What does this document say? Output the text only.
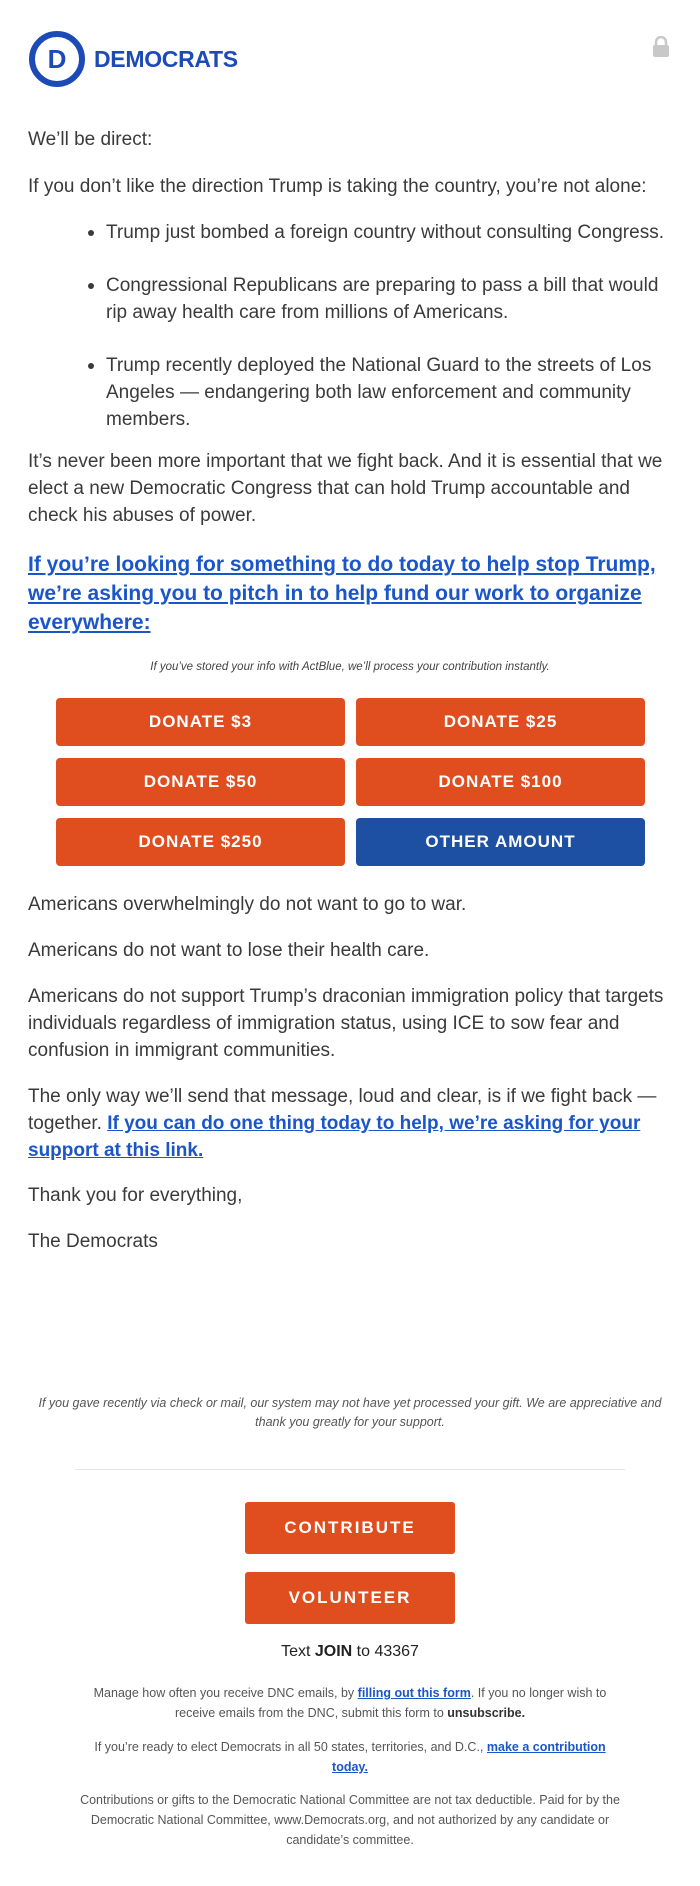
D DEMOCRATS

We’ll be direct:

If you don’t like the direction Trump is taking the country, you’re not alone:

Trump just bombed a foreign country without consulting Congress.
Congressional Republicans are preparing to pass a bill that would rip away health care from millions of Americans.
Trump recently deployed the National Guard to the streets of Los Angeles — endangering both law enforcement and community members.

It’s never been more important that we fight back. And it is essential that we elect a new Democratic Congress that can hold Trump accountable and check his abuses of power.

If you’re looking for something to do today to help stop Trump, we’re asking you to pitch in to help fund our work to organize everywhere:
If you’ve stored your info with ActBlue, we’ll process your contribution instantly.
DONATE $3	DONATE $25
DONATE $50	DONATE $100
DONATE $250	OTHER AMOUNT

Americans overwhelmingly do not want to go to war.

Americans do not want to lose their health care.

Americans do not support Trump’s draconian immigration policy that targets individuals regardless of immigration status, using ICE to sow fear and confusion in immigrant communities.

The only way we’ll send that message, loud and clear, is if we fight back — together. If you can do one thing today to help, we’re asking for your support at this link.

Thank you for everything,

The Democrats

If you gave recently via check or mail, our system may not have yet processed your gift. We are appreciative and thank you greatly for your support.
CONTRIBUTE
VOLUNTEER
Text JOIN to 43367
Manage how often you receive DNC emails, by filling out this form. If you no longer wish to receive emails from the DNC, submit this form to unsubscribe.
If you’re ready to elect Democrats in all 50 states, territories, and D.C., make a contribution today.
Contributions or gifts to the Democratic National Committee are not tax deductible. Paid for by the Democratic National Committee, www.Democrats.org, and not authorized by any candidate or candidate’s committee.
